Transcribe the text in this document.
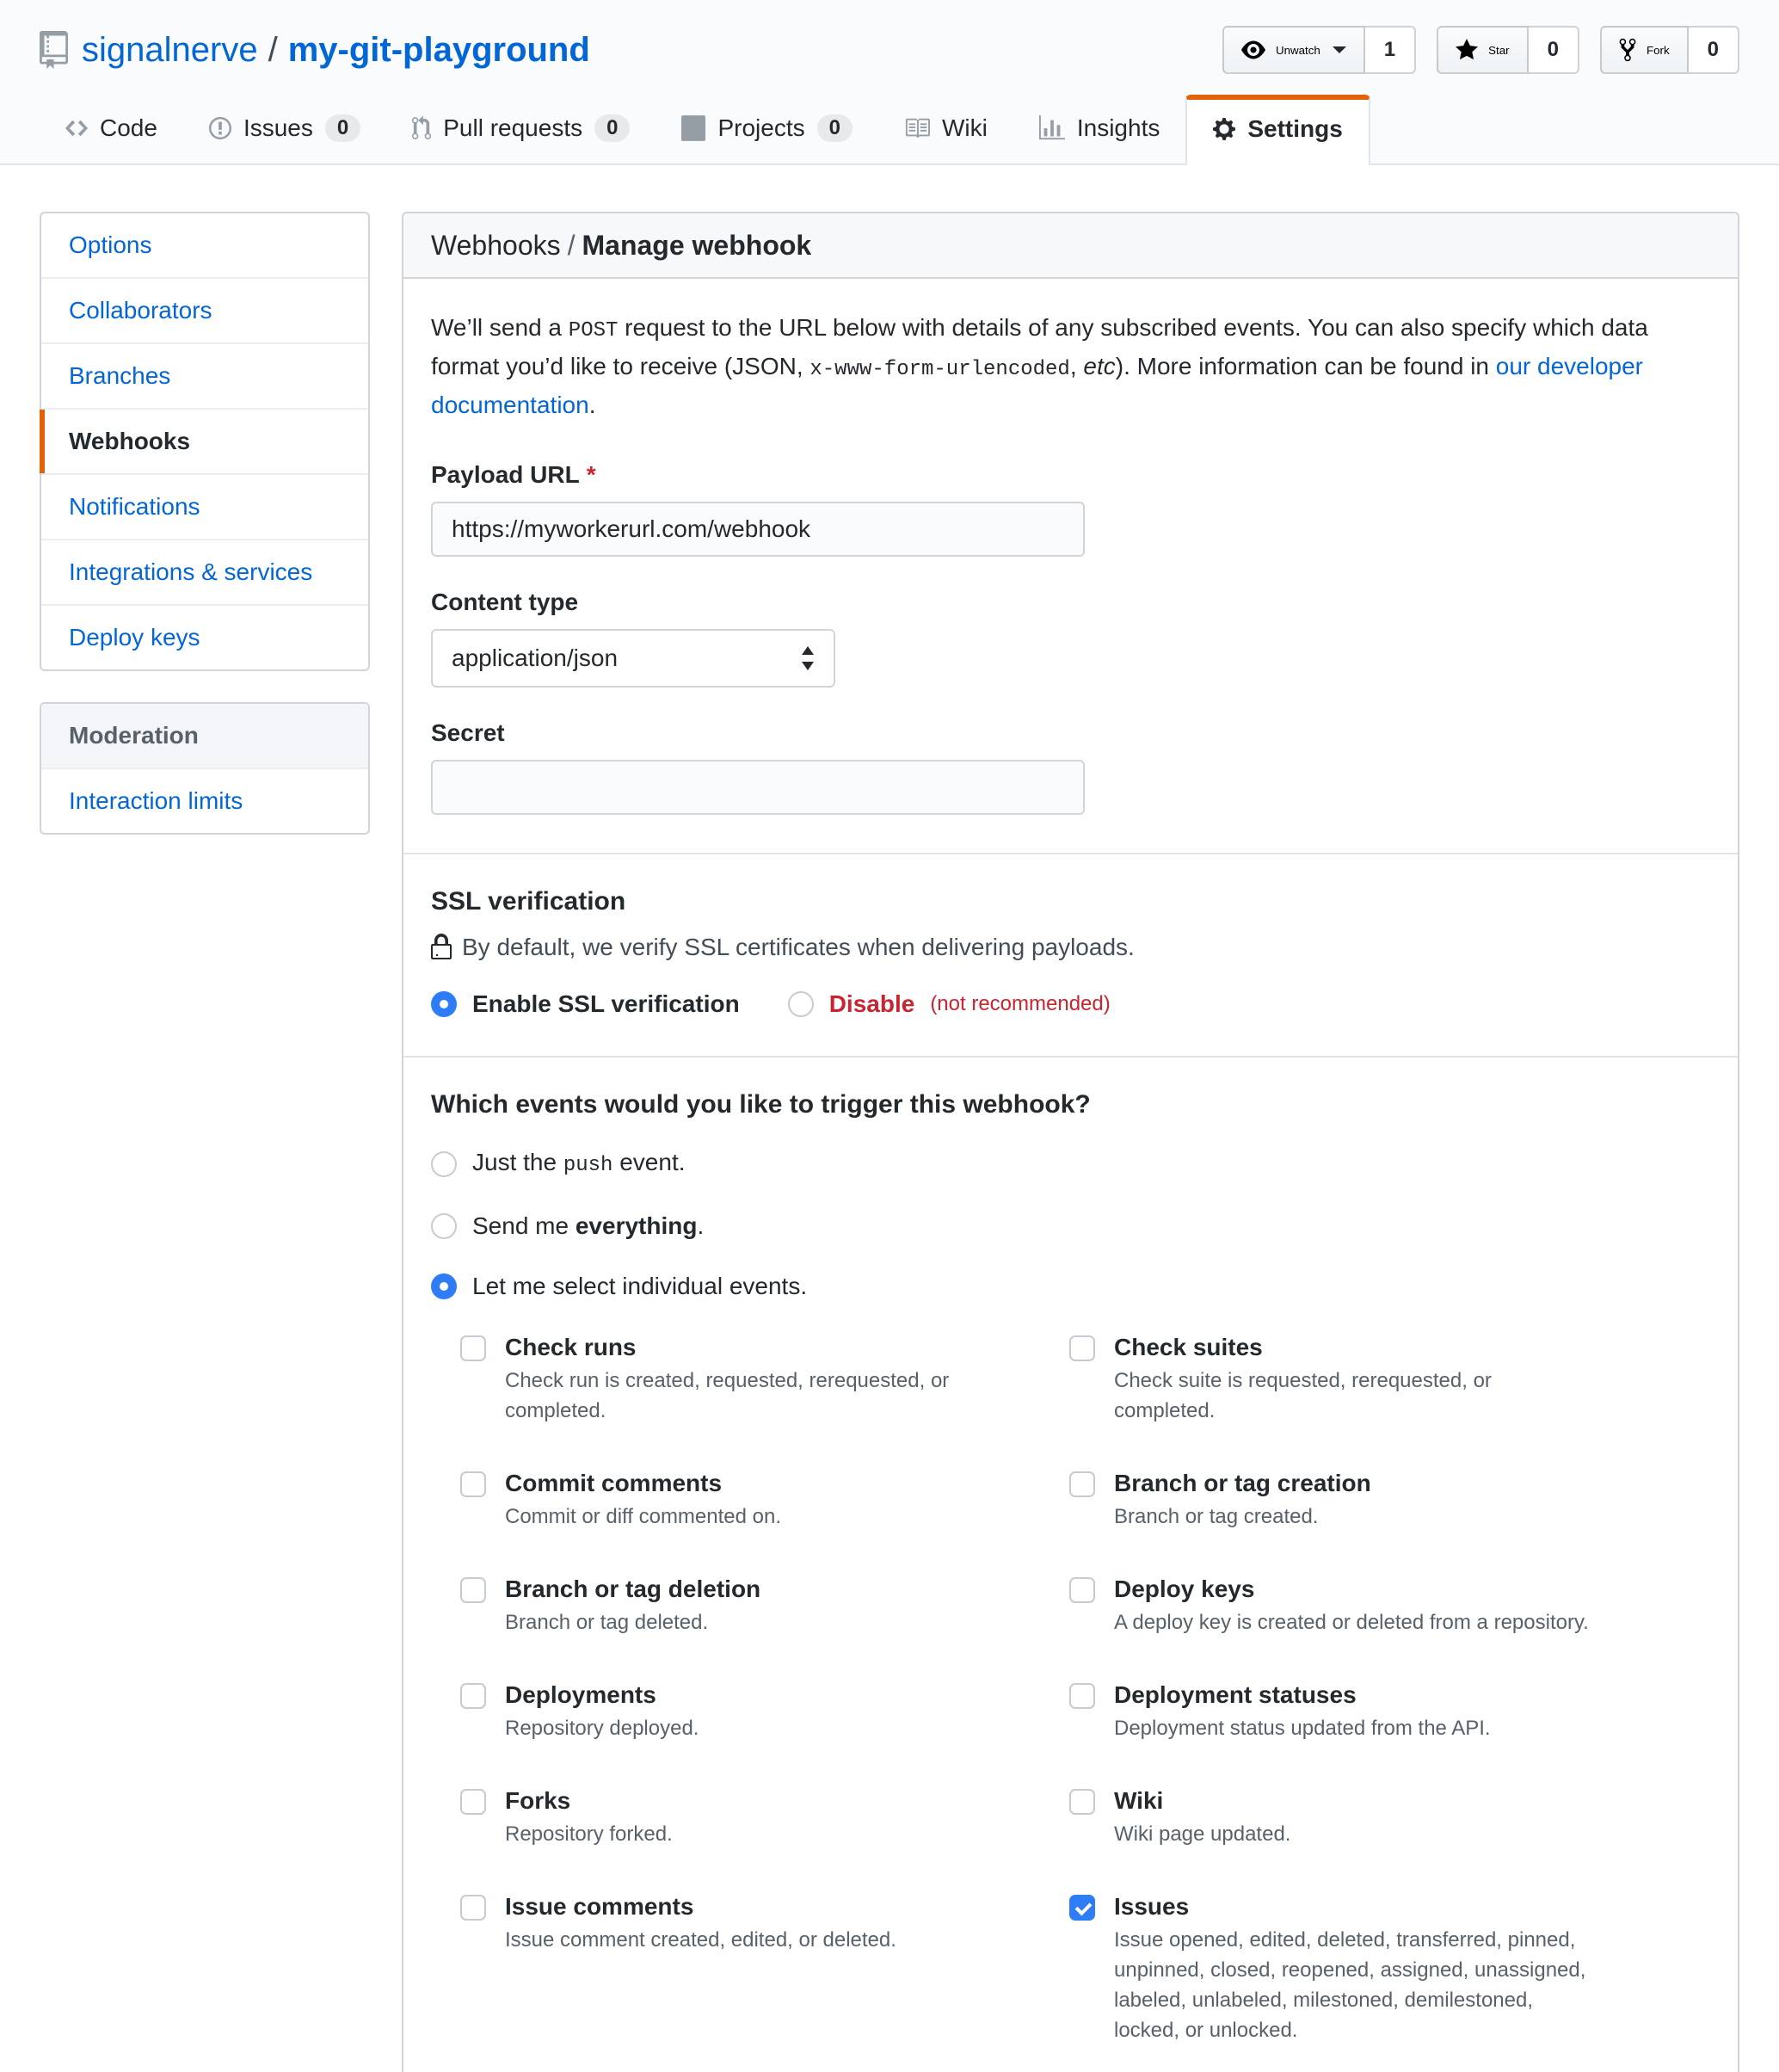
signalnerve / my-git-playground	Unwatch	1	Star	0	Fork	0
Code	Issues	0	Pull requests	0	Projects	0	Wiki	Insights	Settings
Options
Collaborators
Branches
Webhooks
Notifications
Integrations & services
Deploy keys
Moderation
Interaction limits
Webhooks / Manage webhook

We’ll send a POST request to the URL below with details of any subscribed events. You can also specify which data format you’d like to receive (JSON, x-www-form-urlencoded, etc). More information can be found in our developer documentation.

Payload URL *
https://myworkerurl.com/webhook
Content type
application/json
Secret
SSL verification
By default, we verify SSL certificates when delivering payloads.
Enable SSL verification	Disable (not recommended)
Which events would you like to trigger this webhook?
Just the push event.
Send me everything.
Let me select individual events.
Check runs
Check run is created, requested, rerequested, or completed.
Commit comments
Commit or diff commented on.
Branch or tag deletion
Branch or tag deleted.
Deployments
Repository deployed.
Forks
Repository forked.
Issue comments
Issue comment created, edited, or deleted.
Check suites
Check suite is requested, rerequested, or completed.
Branch or tag creation
Branch or tag created.
Deploy keys
A deploy key is created or deleted from a repository.
Deployment statuses
Deployment status updated from the API.
Wiki
Wiki page updated.
Issues
Issue opened, edited, deleted, transferred, pinned, unpinned, closed, reopened, assigned, unassigned, labeled, unlabeled, milestoned, demilestoned, locked, or unlocked.
